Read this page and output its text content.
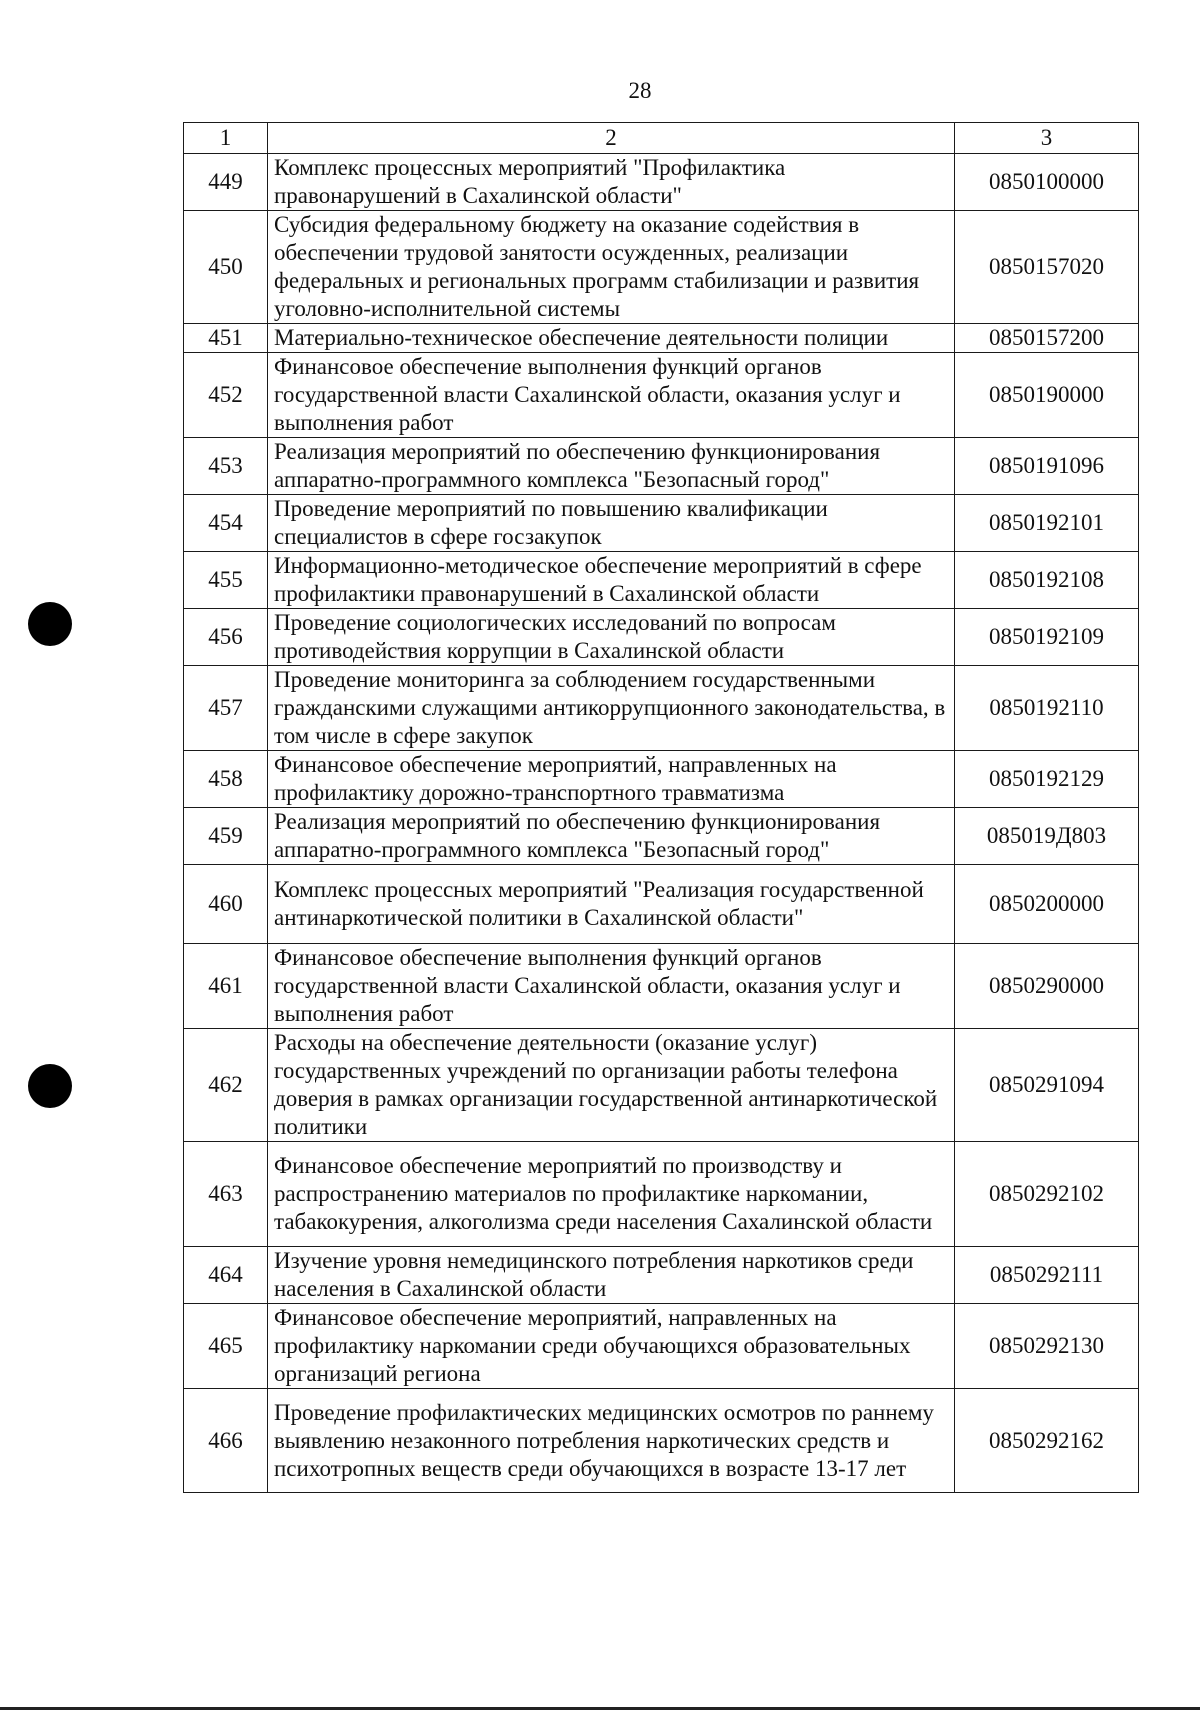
28
1	2	3
449	Комплекс процессных мероприятий "Профилактика правонарушений в Сахалинской области"	0850100000
450	Субсидия федеральному бюджету на оказание содействия в обеспечении трудовой занятости осужденных, реализации федеральных и региональных программ стабилизации и развития уголовно-исполнительной системы	0850157020
451	Материально-техническое обеспечение деятельности полиции	0850157200
452	Финансовое обеспечение выполнения функций органов государственной власти Сахалинской области, оказания услуг и выполнения работ	0850190000
453	Реализация мероприятий по обеспечению функционирования аппаратно-программного комплекса "Безопасный город"	0850191096
454	Проведение мероприятий по повышению квалификации специалистов в сфере госзакупок	0850192101
455	Информационно-методическое обеспечение мероприятий в сфере профилактики правонарушений в Сахалинской области	0850192108
456	Проведение социологических исследований по вопросам противодействия коррупции в Сахалинской области	0850192109
457	Проведение мониторинга за соблюдением государственными гражданскими служащими антикоррупционного законодательства, в том числе в сфере закупок	0850192110
458	Финансовое обеспечение мероприятий, направленных на профилактику дорожно-транспортного травматизма	0850192129
459	Реализация мероприятий по обеспечению функционирования аппаратно-программного комплекса "Безопасный город"	085019Д803
460	Комплекс процессных мероприятий "Реализация государственной антинаркотической политики в Сахалинской области"	0850200000
461	Финансовое обеспечение выполнения функций органов государственной власти Сахалинской области, оказания услуг и выполнения работ	0850290000
462	Расходы на обеспечение деятельности (оказание услуг) государственных учреждений по организации работы телефона доверия в рамках организации государственной антинаркотической политики	0850291094
463	Финансовое обеспечение мероприятий по производству и распространению материалов по профилактике наркомании, табакокурения, алкоголизма среди населения Сахалинской области	0850292102
464	Изучение уровня немедицинского потребления наркотиков среди населения в Сахалинской области	0850292111
465	Финансовое обеспечение мероприятий, направленных на профилактику наркомании среди обучающихся образовательных организаций региона	0850292130
466	Проведение профилактических медицинских осмотров по раннему выявлению незаконного потребления наркотических средств и психотропных веществ среди обучающихся в возрасте 13-17 лет	0850292162
